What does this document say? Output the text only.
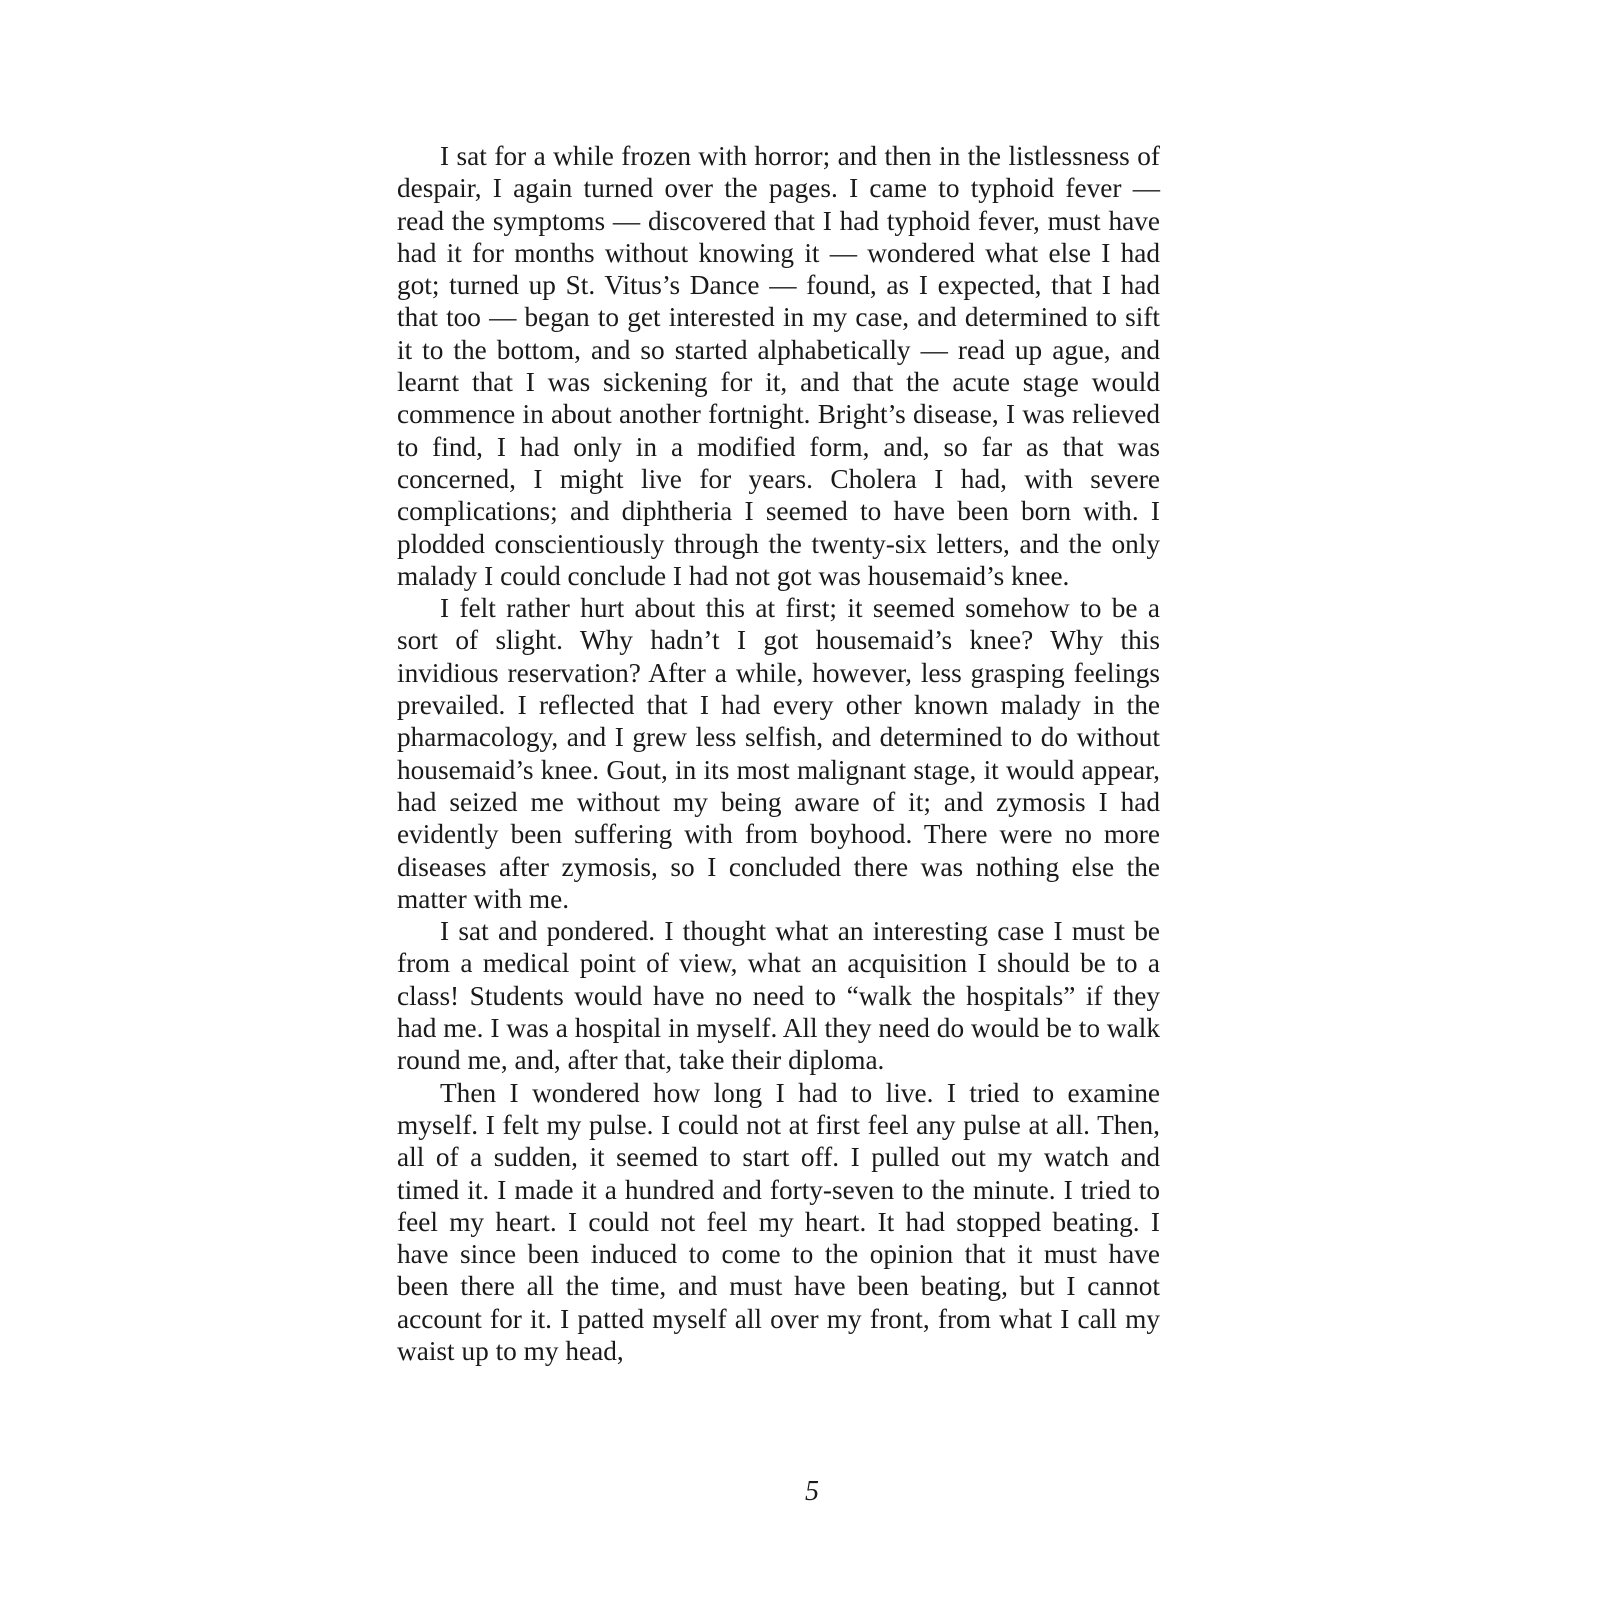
I sat for a while frozen with horror; and then in the listlessness of despair, I again turned over the pages. I came to typhoid fever — read the symptoms — discovered that I had typhoid fever, must have had it for months without knowing it — wondered what else I had got; turned up St. Vitus’s Dance — found, as I expected, that I had that too — began to get interested in my case, and determined to sift it to the bottom, and so started alphabetically — read up ague, and learnt that I was sickening for it, and that the acute stage would commence in about another fortnight. Bright’s disease, I was relieved to find, I had only in a modified form, and, so far as that was concerned, I might live for years. Cholera I had, with severe complications; and diphtheria I seemed to have been born with. I plodded conscientiously through the twenty-six letters, and the only malady I could conclude I had not got was housemaid’s knee.

I felt rather hurt about this at first; it seemed somehow to be a sort of slight. Why hadn’t I got housemaid’s knee? Why this invidious reservation? After a while, however, less grasping feelings prevailed. I reflected that I had every other known malady in the pharmacology, and I grew less selfish, and determined to do without housemaid’s knee. Gout, in its most malignant stage, it would appear, had seized me without my being aware of it; and zymosis I had evidently been suffering with from boyhood. There were no more diseases after zymosis, so I concluded there was nothing else the matter with me.

I sat and pondered. I thought what an interesting case I must be from a medical point of view, what an acquisition I should be to a class! Students would have no need to “walk the hospitals” if they had me. I was a hospital in myself. All they need do would be to walk round me, and, after that, take their diploma.

Then I wondered how long I had to live. I tried to examine myself. I felt my pulse. I could not at first feel any pulse at all. Then, all of a sudden, it seemed to start off. I pulled out my watch and timed it. I made it a hundred and forty-seven to the minute. I tried to feel my heart. I could not feel my heart. It had stopped beating. I have since been induced to come to the opinion that it must have been there all the time, and must have been beating, but I cannot account for it. I patted myself all over my front, from what I call my waist up to my head,

5
